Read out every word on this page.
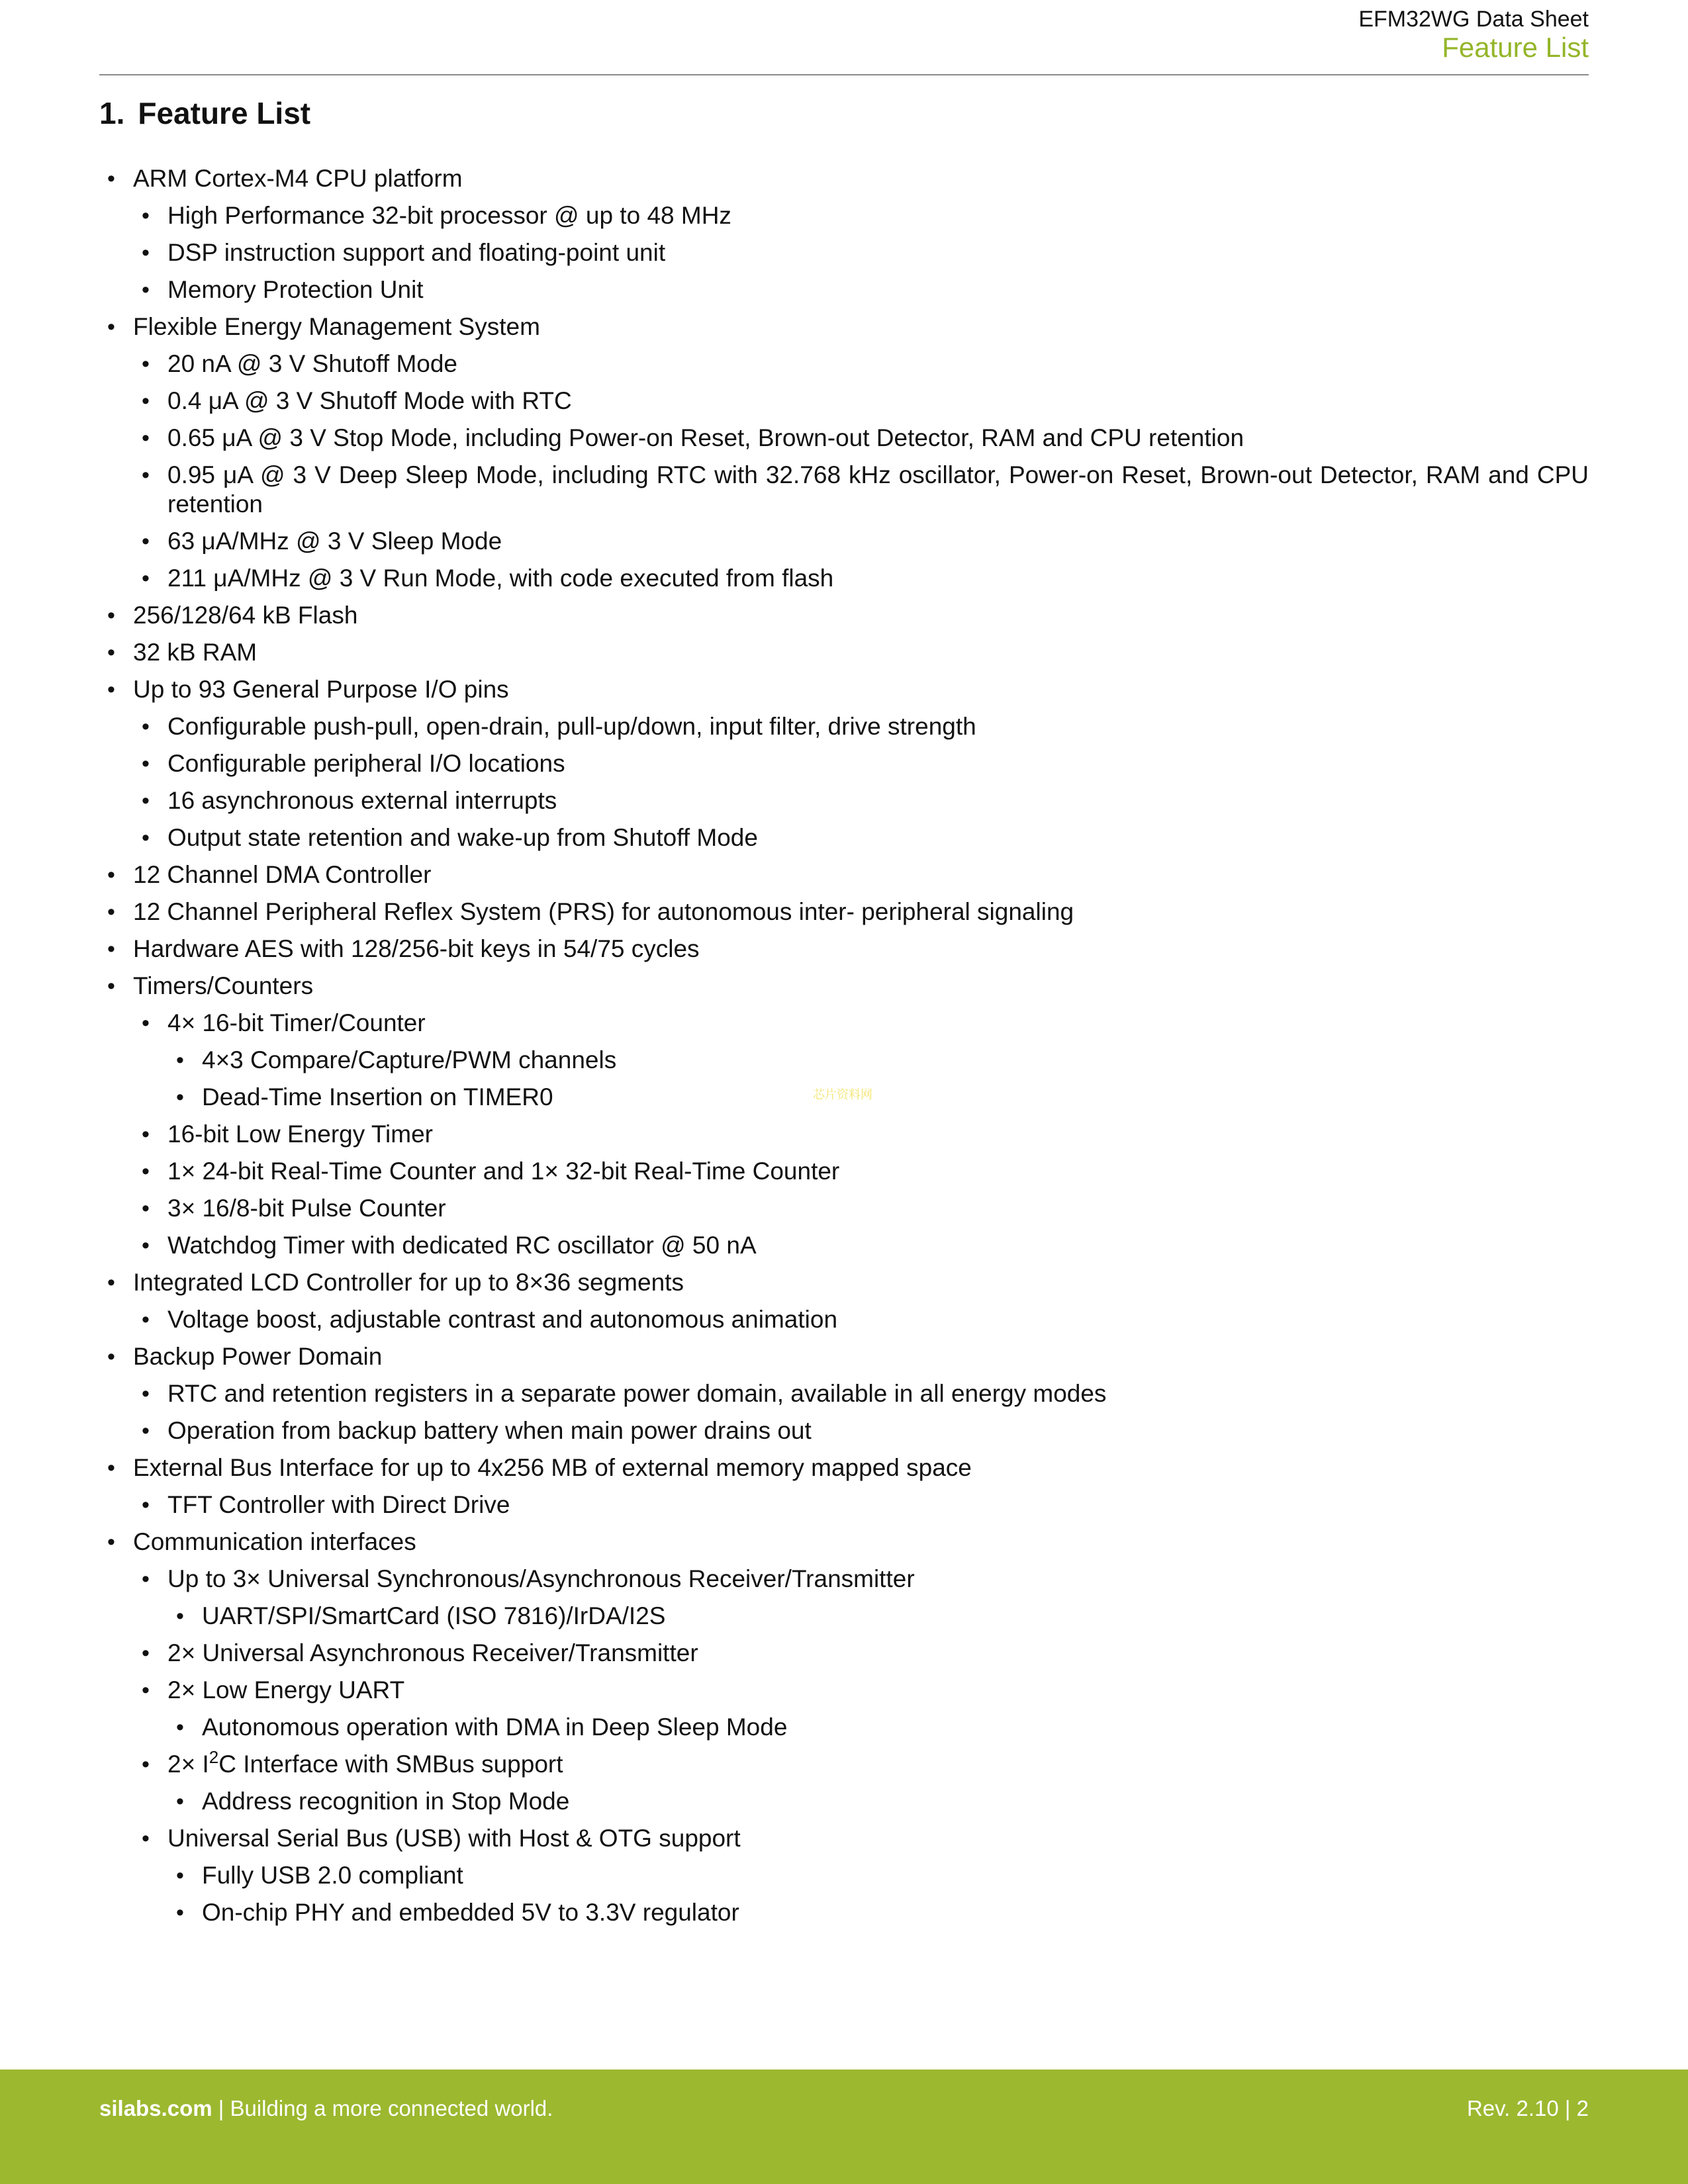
EFM32WG Data Sheet
Feature List
1. Feature List
• ARM Cortex-M4 CPU platform
• High Performance 32-bit processor @ up to 48 MHz
• DSP instruction support and floating-point unit
• Memory Protection Unit
• Flexible Energy Management System
• 20 nA @ 3 V Shutoff Mode
• 0.4 μA @ 3 V Shutoff Mode with RTC
• 0.65 μA @ 3 V Stop Mode, including Power-on Reset, Brown-out Detector, RAM and CPU retention
• 0.95 μA @ 3 V Deep Sleep Mode, including RTC with 32.768 kHz oscillator, Power-on Reset, Brown-out Detector, RAM and CPU retention
• 63 μA/MHz @ 3 V Sleep Mode
• 211 μA/MHz @ 3 V Run Mode, with code executed from flash
• 256/128/64 kB Flash
• 32 kB RAM
• Up to 93 General Purpose I/O pins
• Configurable push-pull, open-drain, pull-up/down, input filter, drive strength
• Configurable peripheral I/O locations
• 16 asynchronous external interrupts
• Output state retention and wake-up from Shutoff Mode
• 12 Channel DMA Controller
• 12 Channel Peripheral Reflex System (PRS) for autonomous inter- peripheral signaling
• Hardware AES with 128/256-bit keys in 54/75 cycles
• Timers/Counters
• 4× 16-bit Timer/Counter
• 4×3 Compare/Capture/PWM channels
• Dead-Time Insertion on TIMER0
• 16-bit Low Energy Timer
• 1× 24-bit Real-Time Counter and 1× 32-bit Real-Time Counter
• 3× 16/8-bit Pulse Counter
• Watchdog Timer with dedicated RC oscillator @ 50 nA
• Integrated LCD Controller for up to 8×36 segments
• Voltage boost, adjustable contrast and autonomous animation
• Backup Power Domain
• RTC and retention registers in a separate power domain, available in all energy modes
• Operation from backup battery when main power drains out
• External Bus Interface for up to 4x256 MB of external memory mapped space
• TFT Controller with Direct Drive
• Communication interfaces
• Up to 3× Universal Synchronous/Asynchronous Receiver/Transmitter
• UART/SPI/SmartCard (ISO 7816)/IrDA/I2S
• 2× Universal Asynchronous Receiver/Transmitter
• 2× Low Energy UART
• Autonomous operation with DMA in Deep Sleep Mode
• $2\times I^2C$ Interface with SMBus support
• Address recognition in Stop Mode
• Universal Serial Bus (USB) with Host & OTG support
• Fully USB 2.0 compliant
• On-chip PHY and embedded 5V to 3.3V regulator
芯片资料网
silabs.com | Building a more connected world.	Rev. 2.10 | 2
